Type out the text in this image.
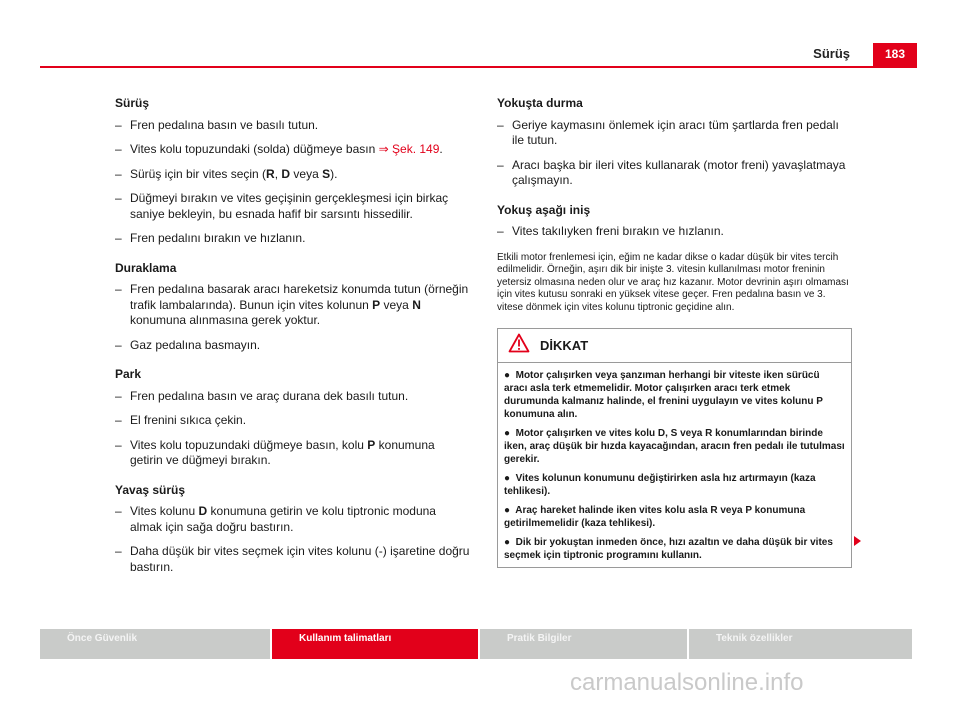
Sürüş	183
Sürüş
– Fren pedalına basın ve basılı tutun.
– Vites kolu topuzundaki (solda) düğmeye basın ⇒ Şek. 149.
– Sürüş için bir vites seçin (R, D veya S).
– Düğmeyi bırakın ve vites geçişinin gerçekleşmesi için birkaç saniye bekleyin, bu esnada hafif bir sarsıntı hissedilir.
– Fren pedalını bırakın ve hızlanın.
Duraklama
– Fren pedalına basarak aracı hareketsiz konumda tutun (örneğin trafik lambalarında). Bunun için vites kolunun P veya N konumuna alınmasına gerek yoktur.
– Gaz pedalına basmayın.
Park
– Fren pedalına basın ve araç durana dek basılı tutun.
– El frenini sıkıca çekin.
– Vites kolu topuzundaki düğmeye basın, kolu P konumuna getirin ve düğmeyi bırakın.
Yavaş sürüş
– Vites kolunu D konumuna getirin ve kolu tiptronic moduna almak için sağa doğru bastırın.
– Daha düşük bir vites seçmek için vites kolunu (-) işaretine doğru bastırın.
Yokuşta durma
– Geriye kaymasını önlemek için aracı tüm şartlarda fren pedalı ile tutun.
– Aracı başka bir ileri vites kullanarak (motor freni) yavaşlatmaya çalışmayın.
Yokuş aşağı iniş
– Vites takılıyken freni bırakın ve hızlanın.
Etkili motor frenlemesi için, eğim ne kadar dikse o kadar düşük bir vites tercih edilmelidir. Örneğin, aşırı dik bir inişte 3. vitesin kullanılması motor freninin yetersiz olmasına neden olur ve araç hız kazanır. Motor devrinin aşırı olmaması için vites kutusu sonraki en yüksek vitese geçer. Fren pedalına basın ve 3. vitese dönmek için vites kolunu tiptronic geçidine alın.
DİKKAT
● Motor çalışırken veya şanzıman herhangi bir viteste iken sürücü aracı asla terk etmemelidir. Motor çalışırken aracı terk etmek durumunda kalmanız halinde, el frenini uygulayın ve vites kolunu P konumuna alın.
● Motor çalışırken ve vites kolu D, S veya R konumlarından birinde iken, araç düşük bir hızda kayacağından, aracın fren pedalı ile tutulması gerekir.
● Vites kolunun konumunu değiştirirken asla hız artırmayın (kaza tehlikesi).
● Araç hareket halinde iken vites kolu asla R veya P konumuna getirilmemelidir (kaza tehlikesi).
● Dik bir yokuştan inmeden önce, hızı azaltın ve daha düşük bir vites seçmek için tiptronic programını kullanın.
Önce Güvenlik	Kullanım talimatları	Pratik Bilgiler	Teknik özellikler
carmanualsonline.info
